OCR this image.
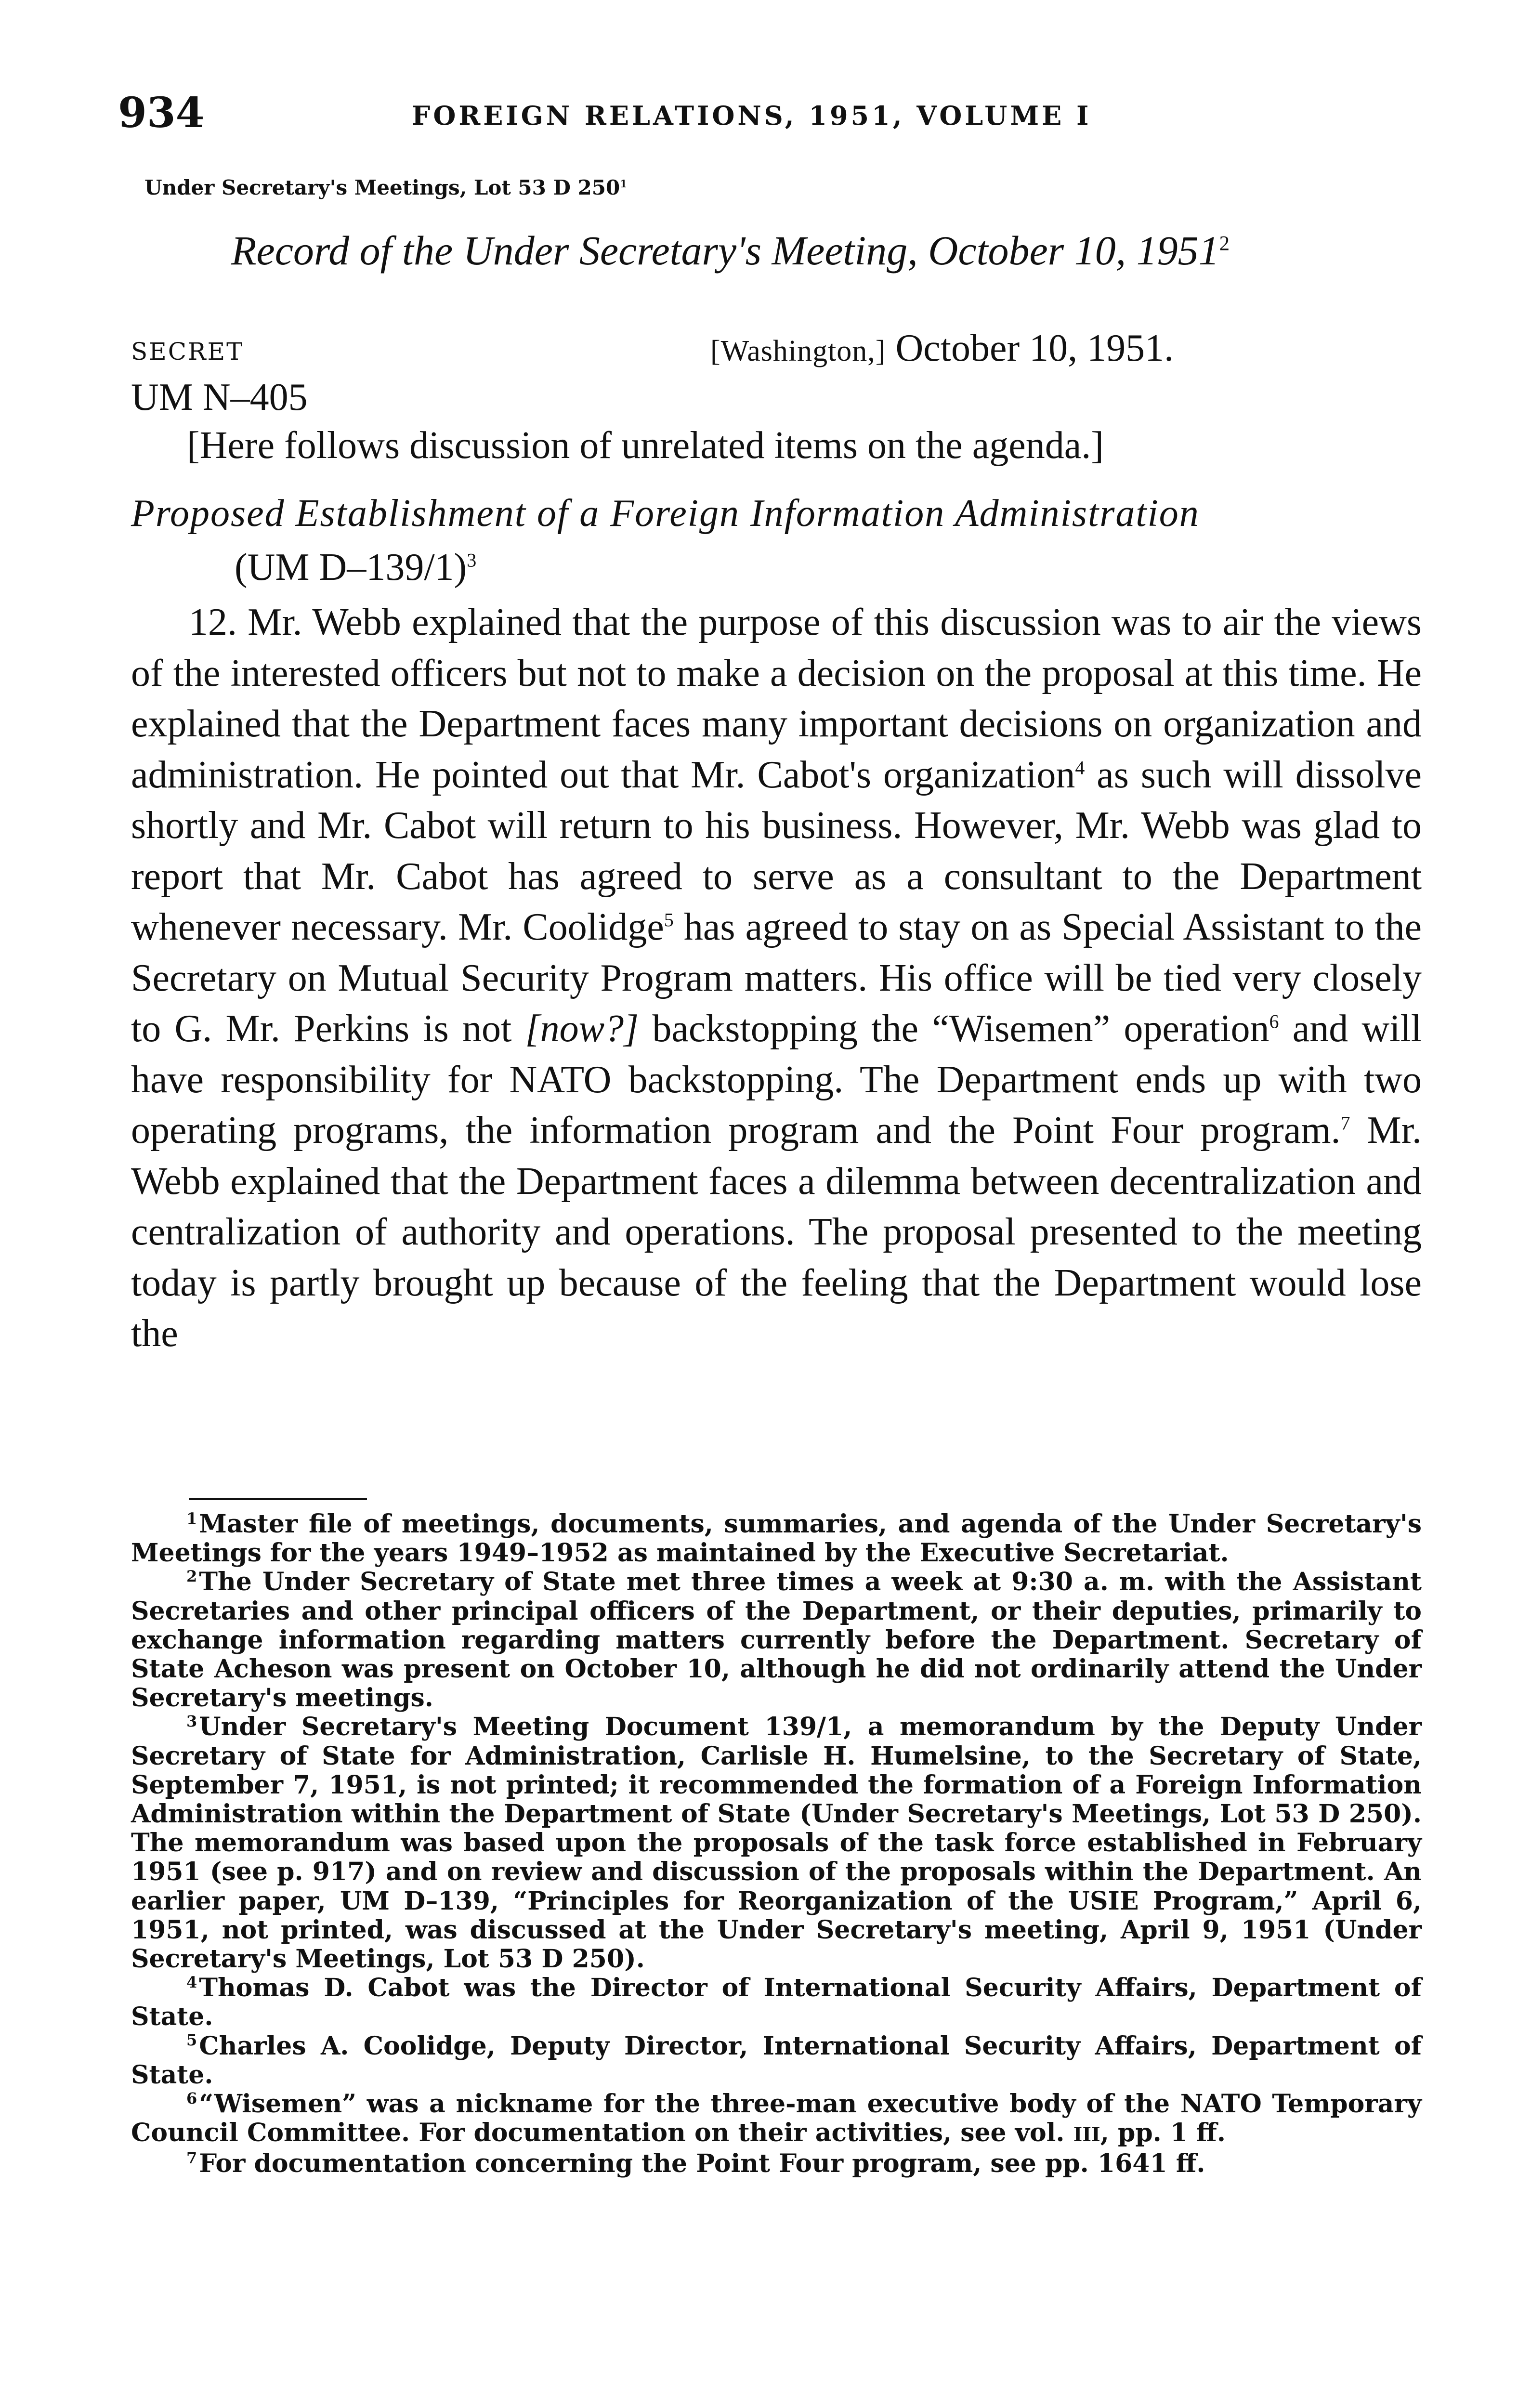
934	FOREIGN RELATIONS, 1951, VOLUME I
Under Secretary's Meetings, Lot 53 D $250^1$
Record of the Under Secretary's Meeting, October 10, 1951$^2$
SECRET	[Washington,] October 10, 1951.
UM N–405
[Here follows discussion of unrelated items on the agenda.]
Proposed Establishment of a Foreign Information Administration
(UM D–139/1)$^3$

12. Mr. Webb explained that the purpose of this discussion was to air the views of the interested officers but not to make a decision on the proposal at this time. He explained that the Department faces many important decisions on organization and administration. He pointed out that Mr. Cabot's organization$^4$ as such will dissolve shortly and Mr. Cabot will return to his business. However, Mr. Webb was glad to report that Mr. Cabot has agreed to serve as a consultant to the Department whenever necessary. Mr. Coolidge$^5$ has agreed to stay on as Special Assistant to the Secretary on Mutual Security Program matters. His office will be tied very closely to G. Mr. Perkins is not [now?] backstopping the “Wisemen” operation$^6$ and will have responsibility for NATO backstopping. The Department ends up with two operating programs, the information program and the Point Four program.$^7$ Mr. Webb explained that the Department faces a dilemma between decentralization and centralization of authority and operations. The proposal presented to the meeting today is partly brought up because of the feeling that the Department would lose the

$^1$Master file of meetings, documents, summaries, and agenda of the Under Secretary's Meetings for the years 1949–1952 as maintained by the Executive Secretariat.

$^2$The Under Secretary of State met three times a week at 9:30 a. m. with the Assistant Secretaries and other principal officers of the Department, or their deputies, primarily to exchange information regarding matters currently before the Department. Secretary of State Acheson was present on October 10, although he did not ordinarily attend the Under Secretary's meetings.

$^3$Under Secretary's Meeting Document 139/1, a memorandum by the Deputy Under Secretary of State for Administration, Carlisle H. Humelsine, to the Secretary of State, September 7, 1951, is not printed; it recommended the formation of a Foreign Information Administration within the Department of State (Under Secretary's Meetings, Lot 53 D 250). The memorandum was based upon the proposals of the task force established in February 1951 (see p. 917) and on review and discussion of the proposals within the Department. An earlier paper, UM D–139, “Principles for Reorganization of the USIE Program,” April 6, 1951, not printed, was discussed at the Under Secretary's meeting, April 9, 1951 (Under Secretary's Meetings, Lot 53 D 250).

$^4$Thomas D. Cabot was the Director of International Security Affairs, Department of State.

$^5$Charles A. Coolidge, Deputy Director, International Security Affairs, Department of State.

$^6$“Wisemen” was a nickname for the three-man executive body of the NATO Temporary Council Committee. For documentation on their activities, see vol. III, pp. 1 ff.

$^7$For documentation concerning the Point Four program, see pp. 1641 ff.
